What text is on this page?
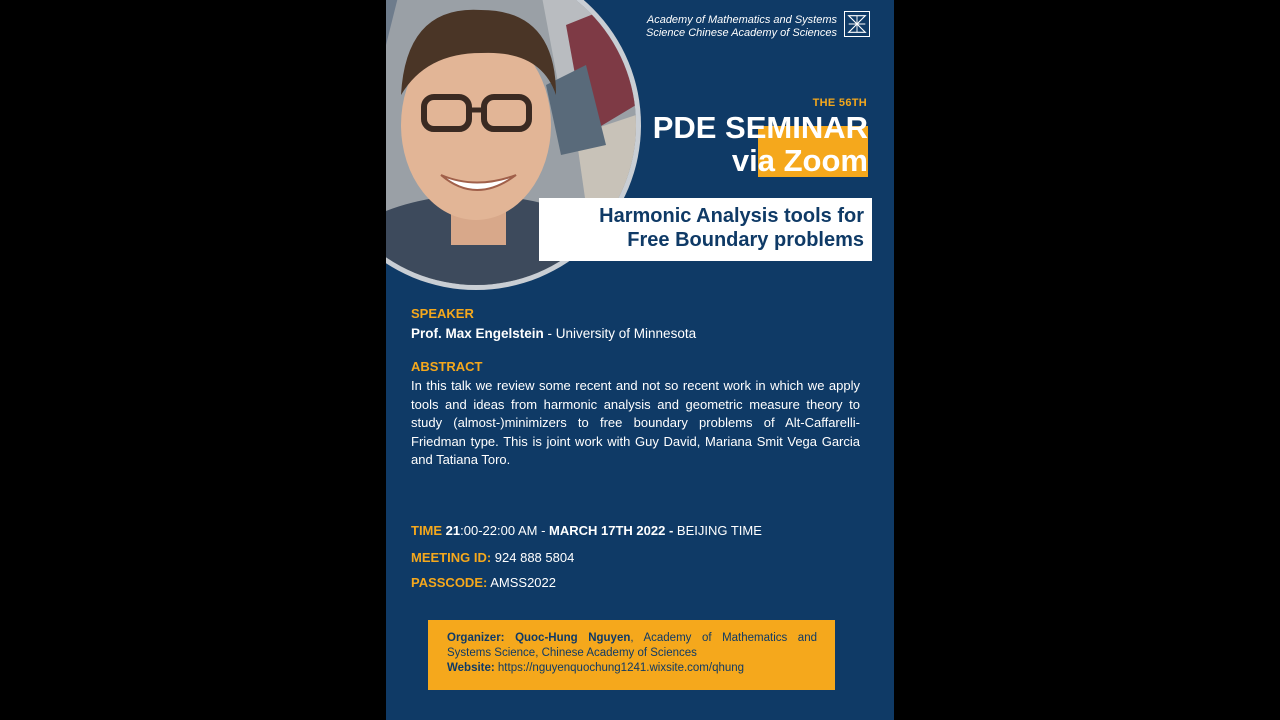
Academy of Mathematics and Systems
Science Chinese Academy of Sciences
THE 56TH
PDE SEMINAR
via Zoom
Harmonic Analysis tools for
Free Boundary problems
SPEAKER
Prof. Max Engelstein - University of Minnesota
ABSTRACT
In this talk we review some recent and not so recent work in which we apply tools and ideas from harmonic analysis and geometric measure theory to study (almost-)minimizers to free boundary problems of Alt-Caffarelli-Friedman type. This is joint work with Guy David, Mariana Smit Vega Garcia and Tatiana Toro.
TIME 21:00-22:00 AM - MARCH 17TH 2022 - BEIJING TIME
MEETING ID: 924 888 5804
PASSCODE: AMSS2022
Organizer: Quoc-Hung Nguyen, Academy of Mathematics and
Systems Science, Chinese Academy of Sciences
Website: https://nguyenquochung1241.wixsite.com/qhung
